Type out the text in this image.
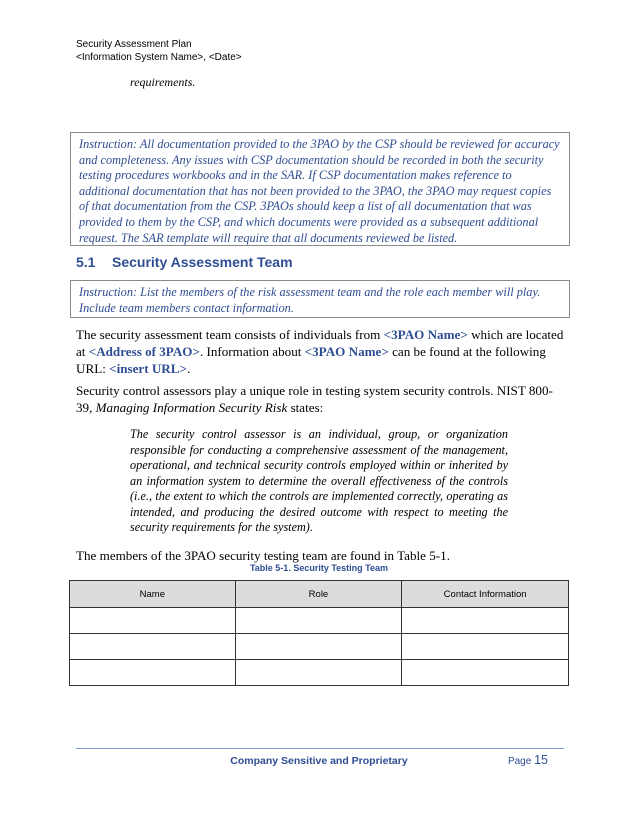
Security Assessment Plan
<Information System Name>, <Date>
requirements.
Instruction: All documentation provided to the 3PAO by the CSP should be reviewed for accuracy and completeness. Any issues with CSP documentation should be recorded in both the security testing procedures workbooks and in the SAR. If CSP documentation makes reference to additional documentation that has not been provided to the 3PAO, the 3PAO may request copies of that documentation from the CSP. 3PAOs should keep a list of all documentation that was provided to them by the CSP, and which documents were provided as a subsequent additional request. The SAR template will require that all documents reviewed be listed.
5.1 Security Assessment Team
Instruction: List the members of the risk assessment team and the role each member will play. Include team members contact information.
The security assessment team consists of individuals from <3PAO Name> which are located at <Address of 3PAO>. Information about <3PAO Name> can be found at the following URL: <insert URL>.
Security control assessors play a unique role in testing system security controls. NIST 800-39, Managing Information Security Risk states:
The security control assessor is an individual, group, or organization responsible for conducting a comprehensive assessment of the management, operational, and technical security controls employed within or inherited by an information system to determine the overall effectiveness of the controls (i.e., the extent to which the controls are implemented correctly, operating as intended, and producing the desired outcome with respect to meeting the security requirements for the system).
The members of the 3PAO security testing team are found in Table 5-1.
Table 5-1. Security Testing Team
Name	Role	Contact Information

Company Sensitive and Proprietary	Page 15
